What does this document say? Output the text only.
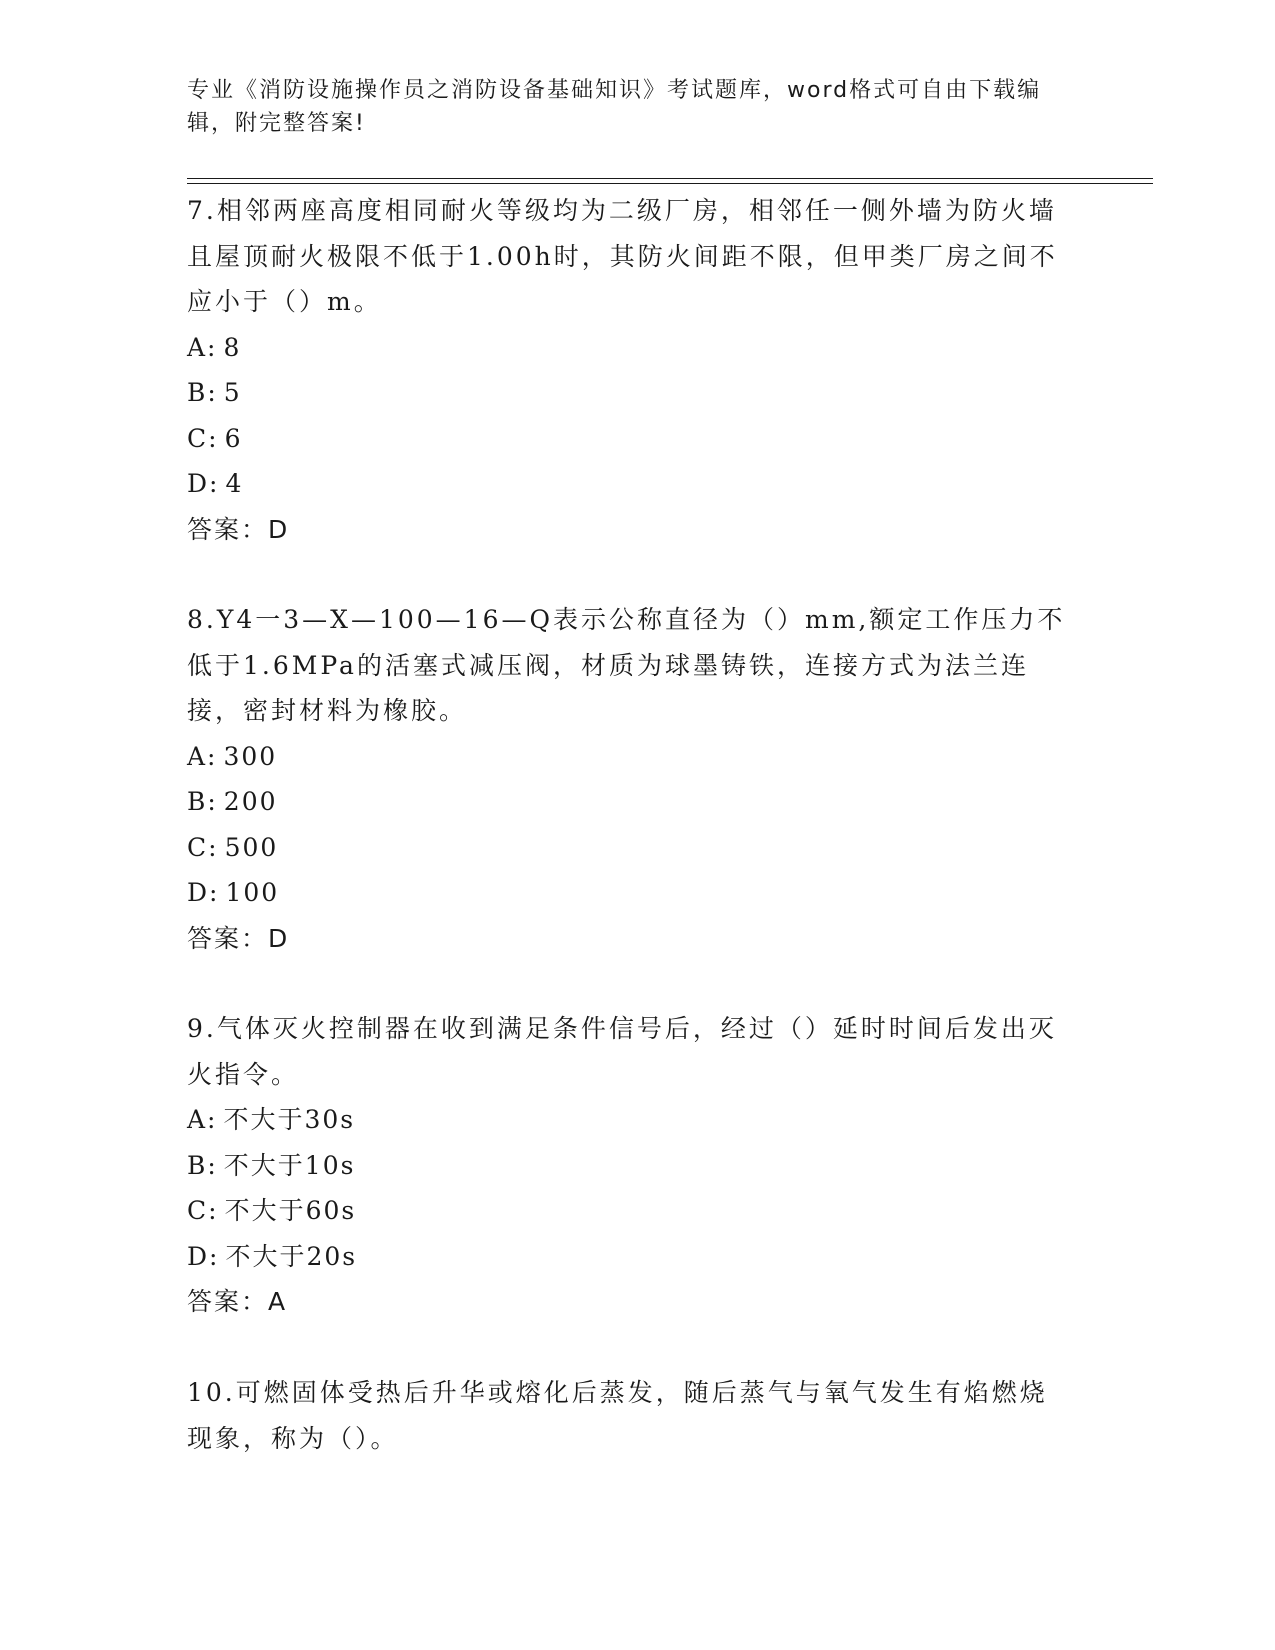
专业《消防设施操作员之消防设备基础知识》考试题库，word格式可自由下载编辑，附完整答案!

7.相邻两座高度相同耐火等级均为二级厂房，相邻任一侧外墙为防火墙且屋顶耐火极限不低于1.00h时，其防火间距不限，但甲类厂房之间不应小于（）m。

A: 8

B: 5

C: 6

D: 4

答案：D

8.Y4一3—X—100—16—Q表示公称直径为（）mm,额定工作压力不低于1.6MPa的活塞式减压阀，材质为球墨铸铁，连接方式为法兰连接，密封材料为橡胶。

A: 300

B: 200

C: 500

D: 100

答案：D

9.气体灭火控制器在收到满足条件信号后，经过（）延时时间后发出灭火指令。

A: 不大于30s

B: 不大于10s

C: 不大于60s

D: 不大于20s

答案：A

10.可燃固体受热后升华或熔化后蒸发，随后蒸气与氧气发生有焰燃烧现象，称为（）。
